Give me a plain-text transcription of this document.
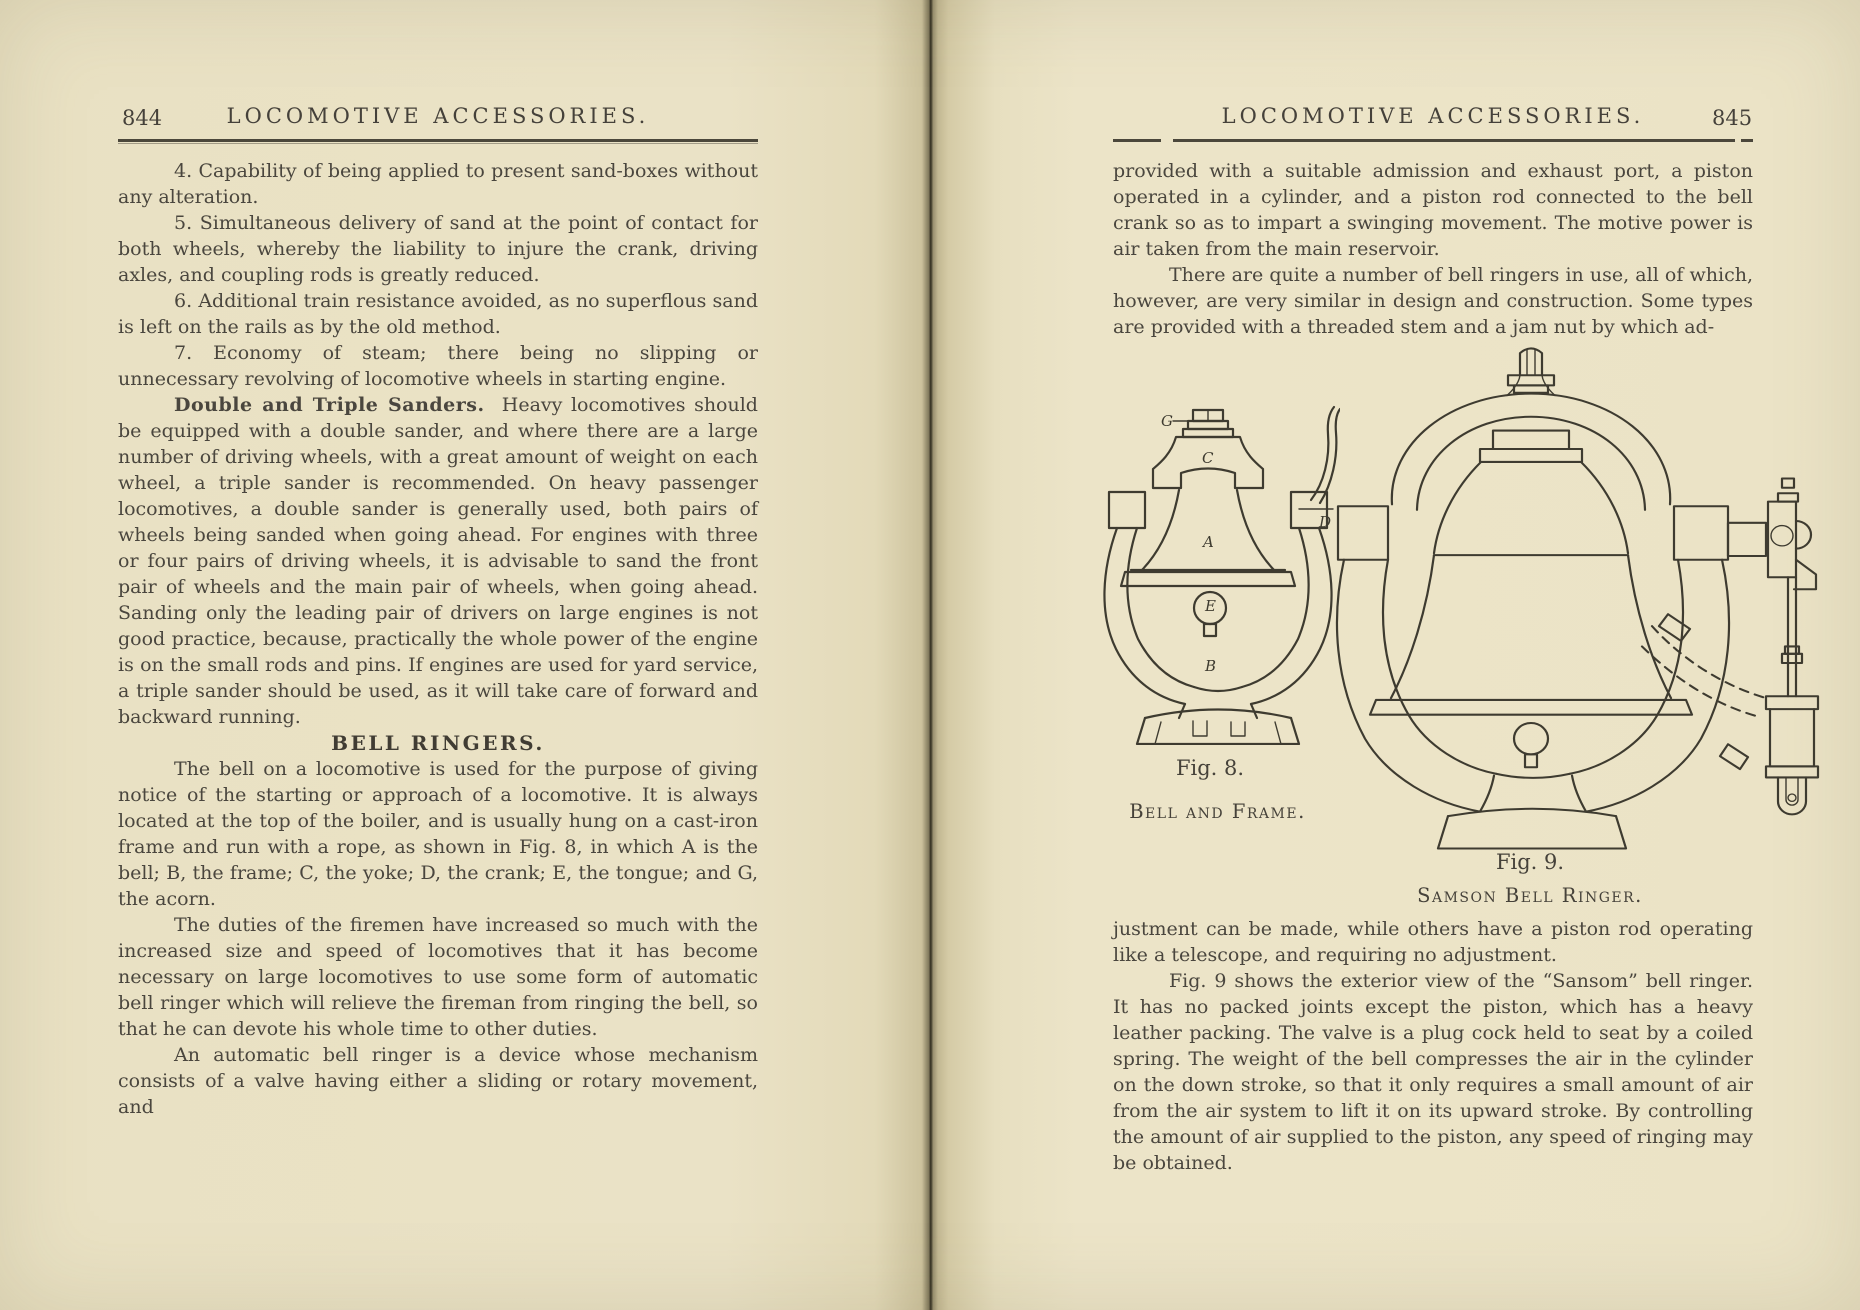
844	LOCOMOTIVE ACCESSORIES.

4. Capability of being applied to present sand-boxes without any alteration.

5. Simultaneous delivery of sand at the point of contact for both wheels, whereby the liability to injure the crank, driving axles, and coupling rods is greatly reduced.

6. Additional train resistance avoided, as no superflous sand is left on the rails as by the old method.

7. Economy of steam; there being no slipping or unnecessary revolving of locomotive wheels in starting engine.

Double and Triple Sanders. Heavy locomotives should be equipped with a double sander, and where there are a large number of driving wheels, with a great amount of weight on each wheel, a triple sander is recommended. On heavy passenger locomotives, a double sander is generally used, both pairs of wheels being sanded when going ahead. For engines with three or four pairs of driving wheels, it is advisable to sand the front pair of wheels and the main pair of wheels, when going ahead. Sanding only the leading pair of drivers on large engines is not good practice, because, practically the whole power of the engine is on the small rods and pins. If engines are used for yard service, a triple sander should be used, as it will take care of forward and backward running.

BELL RINGERS.

The bell on a locomotive is used for the purpose of giving notice of the starting or approach of a locomotive. It is always located at the top of the boiler, and is usually hung on a cast-iron frame and run with a rope, as shown in Fig. 8, in which A is the bell; B, the frame; C, the yoke; D, the crank; E, the tongue; and G, the acorn.

The duties of the firemen have increased so much with the increased size and speed of locomotives that it has become necessary on large locomotives to use some form of automatic bell ringer which will relieve the fireman from ringing the bell, so that he can devote his whole time to other duties.

An automatic bell ringer is a device whose mechanism consists of a valve having either a sliding or rotary movement, and

LOCOMOTIVE ACCESSORIES.	845

provided with a suitable admission and exhaust port, a piston operated in a cylinder, and a piston rod connected to the bell crank so as to impart a swinging movement. The motive power is air taken from the main reservoir.

There are quite a number of bell ringers in use, all of which, however, are very similar in design and construction. Some types are provided with a threaded stem and a jam nut by which ad-

G
C
D
A
E
B
Fig. 8.
Bell and Frame.
Fig. 9.
Samson Bell Ringer.

justment can be made, while others have a piston rod operating like a telescope, and requiring no adjustment.

Fig. 9 shows the exterior view of the “Sansom” bell ringer. It has no packed joints except the piston, which has a heavy leather packing. The valve is a plug cock held to seat by a coiled spring. The weight of the bell compresses the air in the cylinder on the down stroke, so that it only requires a small amount of air from the air system to lift it on its upward stroke. By controlling the amount of air supplied to the piston, any speed of ringing may be obtained.
